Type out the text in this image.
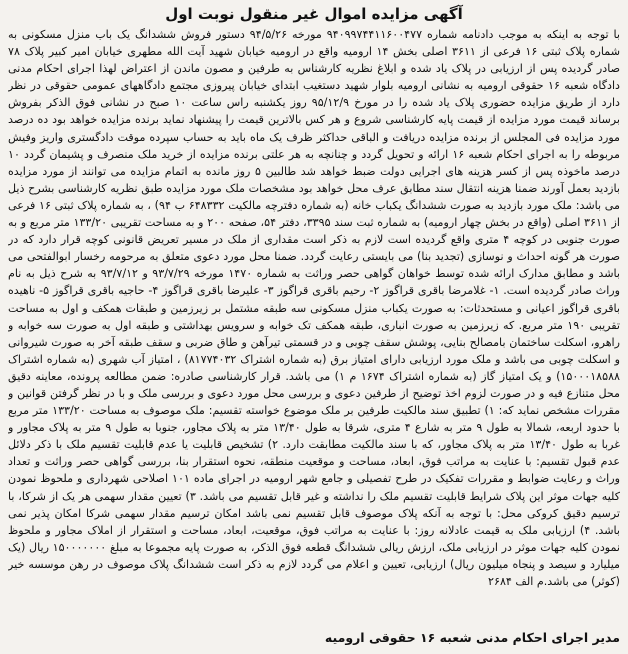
آگهی مزایده اموال غیر منقول نوبت اول
با توجه به اینکه به موجب دادنامه شماره ۹۴۰۹۹۷۴۴۱۱۶۰۰۴۷۷ مورخه ۹۴/۵/۲۶ دستور فروش ششدانگ یک باب منزل مسکونی به شماره پلاک ثبتی ۱۶ فرعی از ۳۶۱۱ اصلی بخش ۱۴ ارومیه واقع در ارومیه خیابان شهید آیت الله مطهری خیابان امیر کبیر پلاک ۷۸ صادر گردیده پس از ارزیابی در پلاک یاد شده و ابلاغ نظریه کارشناس به طرفین و مصون ماندن از اعتراض لهذا اجرای احکام مدنی دادگاه شعبه ۱۶ حقوقی ارومیه به نشانی ارومیه بلوار شهید دستغیب ابتدای خیابان پیروزی مجتمع دادگاههای عمومی حقوقی در نظر دارد از طریق مزایده حضوری پلاک یاد شده را در مورخ ۹۵/۱۲/۹ روز یکشنبه راس ساعت ۱۰ صبح در نشانی فوق الذکر بفروش برساند قیمت مورد مزایده از قیمت پایه کارشناسی شروع و هر کس بالاترین قیمت را پیشنهاد نماید برنده مزایده خواهد بود ده درصد مورد مزایده فی المجلس از برنده مزایده دریافت و الباقی حداکثر ظرف یک ماه باید به حساب سپرده موقت دادگستری واریز وفیش مربوطه را به اجرای احکام شعبه ۱۶ ارائه و تحویل گردد و چنانچه به هر علتی برنده مزایده از خرید ملک منصرف و پشیمان گردد ۱۰ درصد ماخوذه پس از کسر هزینه های اجرایی دولت ضبط خواهد شد طالبین ۵ روز مانده به اتمام مزایده می توانند از مورد مزایده بازدید بعمل آورند ضمنا هزینه انتقال سند مطابق عرف محل خواهد بود مشخصات ملک مورد مزایده طبق نظریه کارشناسی بشرح ذیل می باشد: ملک مورد بازدید به صورت ششدانگ یکباب خانه (به شماره دفترچه مالکیت ۶۴۸۳۳۲ ب ۹۴) ، به شماره پلاک ثبتی ۱۶ فرعی از ۳۶۱۱ اصلی (واقع در بخش چهار ارومیه) به شماره ثبت سند ۳۳۹۵، دفتر ۵۴، صفحه ۲۰۰ و به مساحت تقریبی ۱۳۳/۲۰ متر مربع و به صورت جنوبی در کوچه ۴ متری واقع گردیده است لازم به ذکر است مقداری از ملک در مسیر تعریض قانونی کوچه قرار دارد که در صورت هر گونه احداث و نوسازی (تجدید بنا) می بایستی رعایت گردد. ضمنا محل مورد دعوی متعلق به مرحومه رخسار ابوالفتحی می باشد و مطابق مدارک ارائه شده توسط خواهان گواهی حصر وراثت به شماره ۱۴۷۰ مورخه ۹۳/۷/۲۹ و ۹۳/۷/۱۲ به شرح ذیل به نام وراث صادر گردیده است. ۱- غلامرضا باقری قراگوز ۲- رحیم باقری قراگوز ۳- علیرضا باقری قراگوز ۴- حاجیه باقری قراگوز ۵- ناهیده باقری قراگوز اعیانی و مستحدثات: به صورت یکباب منزل مسکونی سه طبقه مشتمل بر زیرزمین و طبقات همکف و اول به مساحت تقریبی ۱۹۰ متر مربع. که زیرزمین به صورت انباری، طبقه همکف تک خوابه و سرویس بهداشتی و طبقه اول به صورت سه خوابه و راهرو، اسکلت ساختمان بامصالح بنایی، پوشش سقف چوبی و در قسمتی تیرآهن و طاق ضربی و سقف طبقه آخر به صورت شیروانی و اسکلت چوبی می باشد و ملک مورد ارزیابی دارای امتیاز برق (به شماره اشتراک ۸۱۷۷۴۰۳۲) ، امتیاز آب شهری (به شماره اشتراک ۱۵۰۰۰۱۸۵۸۸) و یک امتیاز گاز (به شماره اشتراک ۱۶۷۴ م ۱) می باشد. قرار کارشناسی صادره: ضمن مطالعه پرونده، معاینه دقیق محل متنازع فیه و در صورت لزوم اخذ توضیح از طرفین دعوی و بررسی محل مورد دعوی و بررسی ملک و با در نظر گرفتن قوانین و مقررات مشخص نماید که: ۱) تطبیق سند مالکیت طرفین بر ملک موضوع خواسته تقسیم: ملک موصوف به مساحت ۱۳۳/۲۰ متر مربع با حدود اربعه، شمالا به طول ۹ متر به شارع ۴ متری، شرقا به طول ۱۳/۴۰ متر به پلاک مجاور، جنوبا به طول ۹ متر به پلاک مجاور و غربا به طول ۱۳/۴۰ متر به پلاک مجاور، که با سند مالکیت مطابقت دارد. ۲) تشخیص قابلیت یا عدم قابلیت تقسیم ملک با ذکر دلائل عدم قبول تقسیم: با عنایت به مراتب فوق، ابعاد، مساحت و موقعیت منطقه، نحوه استقرار بنا، بررسی گواهی حصر وراثت و تعداد وراث و رعایت ضوابط و مقررات تفکیک در طرح تفصیلی و جامع شهر ارومیه در اجرای ماده ۱۰۱ اصلاحی شهرداری و ملحوظ نمودن کلیه جهات موثر این پلاک شرایط قابلیت تقسیم ملک را نداشته و غیر قابل تقسیم می باشد. ۳) تعیین مقدار سهمی هر یک از شرکا، با ترسیم دقیق کروکی محل: با توجه به آنکه پلاک موصوف قابل تقسیم نمی باشد امکان ترسیم مقدار سهمی شرکا امکان پذیر نمی باشد. ۴) ارزیابی ملک به قیمت عادلانه روز: با عنایت به مراتب فوق، موقعیت، ابعاد، مساحت و استقرار از املاک مجاور و ملحوظ نمودن کلیه جهات موثر در ارزیابی ملک، ارزش ریالی ششدانگ قطعه فوق الذکر، به صورت پایه مجموعا به مبلغ ۱۵۰۰۰۰۰۰۰ ریال (یک میلیارد و سیصد و پنجاه میلیون ریال) ارزیابی، تعیین و اعلام می گردد لازم به ذکر است ششدانگ پلاک موصوف در رهن موسسه خیر (کوثر) می باشد.م الف ۲۶۸۴
مدیر اجرای احکام مدنی شعبه ۱۶ حقوقی ارومیه
